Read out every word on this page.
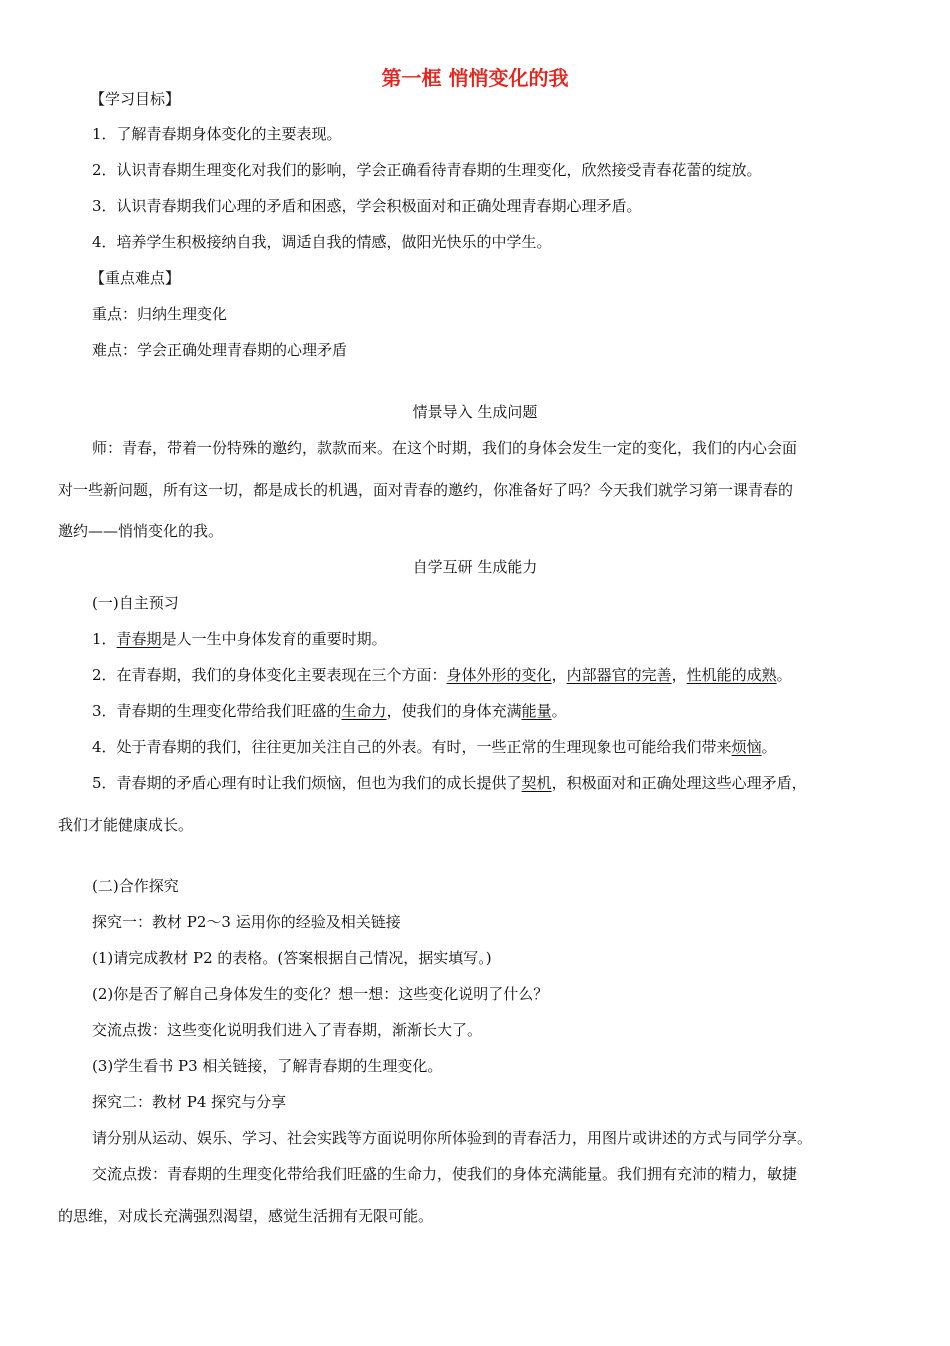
第一框 悄悄变化的我
【学习目标】
1．了解青春期身体变化的主要表现。
2．认识青春期生理变化对我们的影响，学会正确看待青春期的生理变化，欣然接受青春花蕾的绽放。
3．认识青春期我们心理的矛盾和困惑，学会积极面对和正确处理青春期心理矛盾。
4．培养学生积极接纳自我，调适自我的情感，做阳光快乐的中学生。
【重点难点】
重点：归纳生理变化
难点：学会正确处理青春期的心理矛盾
情景导入 生成问题
师：青春，带着一份特殊的邀约，款款而来。在这个时期，我们的身体会发生一定的变化，我们的内心会面
对一些新问题，所有这一切，都是成长的机遇，面对青春的邀约，你准备好了吗？今天我们就学习第一课青春的
邀约——悄悄变化的我。
自学互研 生成能力
(一)自主预习
1．青春期是人一生中身体发育的重要时期。
2．在青春期，我们的身体变化主要表现在三个方面：身体外形的变化，内部器官的完善，性机能的成熟。
3．青春期的生理变化带给我们旺盛的生命力，使我们的身体充满能量。
4．处于青春期的我们，往往更加关注自己的外表。有时，一些正常的生理现象也可能给我们带来烦恼。
5．青春期的矛盾心理有时让我们烦恼，但也为我们的成长提供了契机，积极面对和正确处理这些心理矛盾，
我们才能健康成长。
(二)合作探究
探究一：教材 P2～3 运用你的经验及相关链接
(1)请完成教材 P2 的表格。(答案根据自己情况，据实填写。)
(2)你是否了解自己身体发生的变化？想一想：这些变化说明了什么？
交流点拨：这些变化说明我们进入了青春期，渐渐长大了。
(3)学生看书 P3 相关链接，了解青春期的生理变化。
探究二：教材 P4 探究与分享
请分别从运动、娱乐、学习、社会实践等方面说明你所体验到的青春活力，用图片或讲述的方式与同学分享。
交流点拨：青春期的生理变化带给我们旺盛的生命力，使我们的身体充满能量。我们拥有充沛的精力，敏捷
的思维，对成长充满强烈渴望，感觉生活拥有无限可能。
